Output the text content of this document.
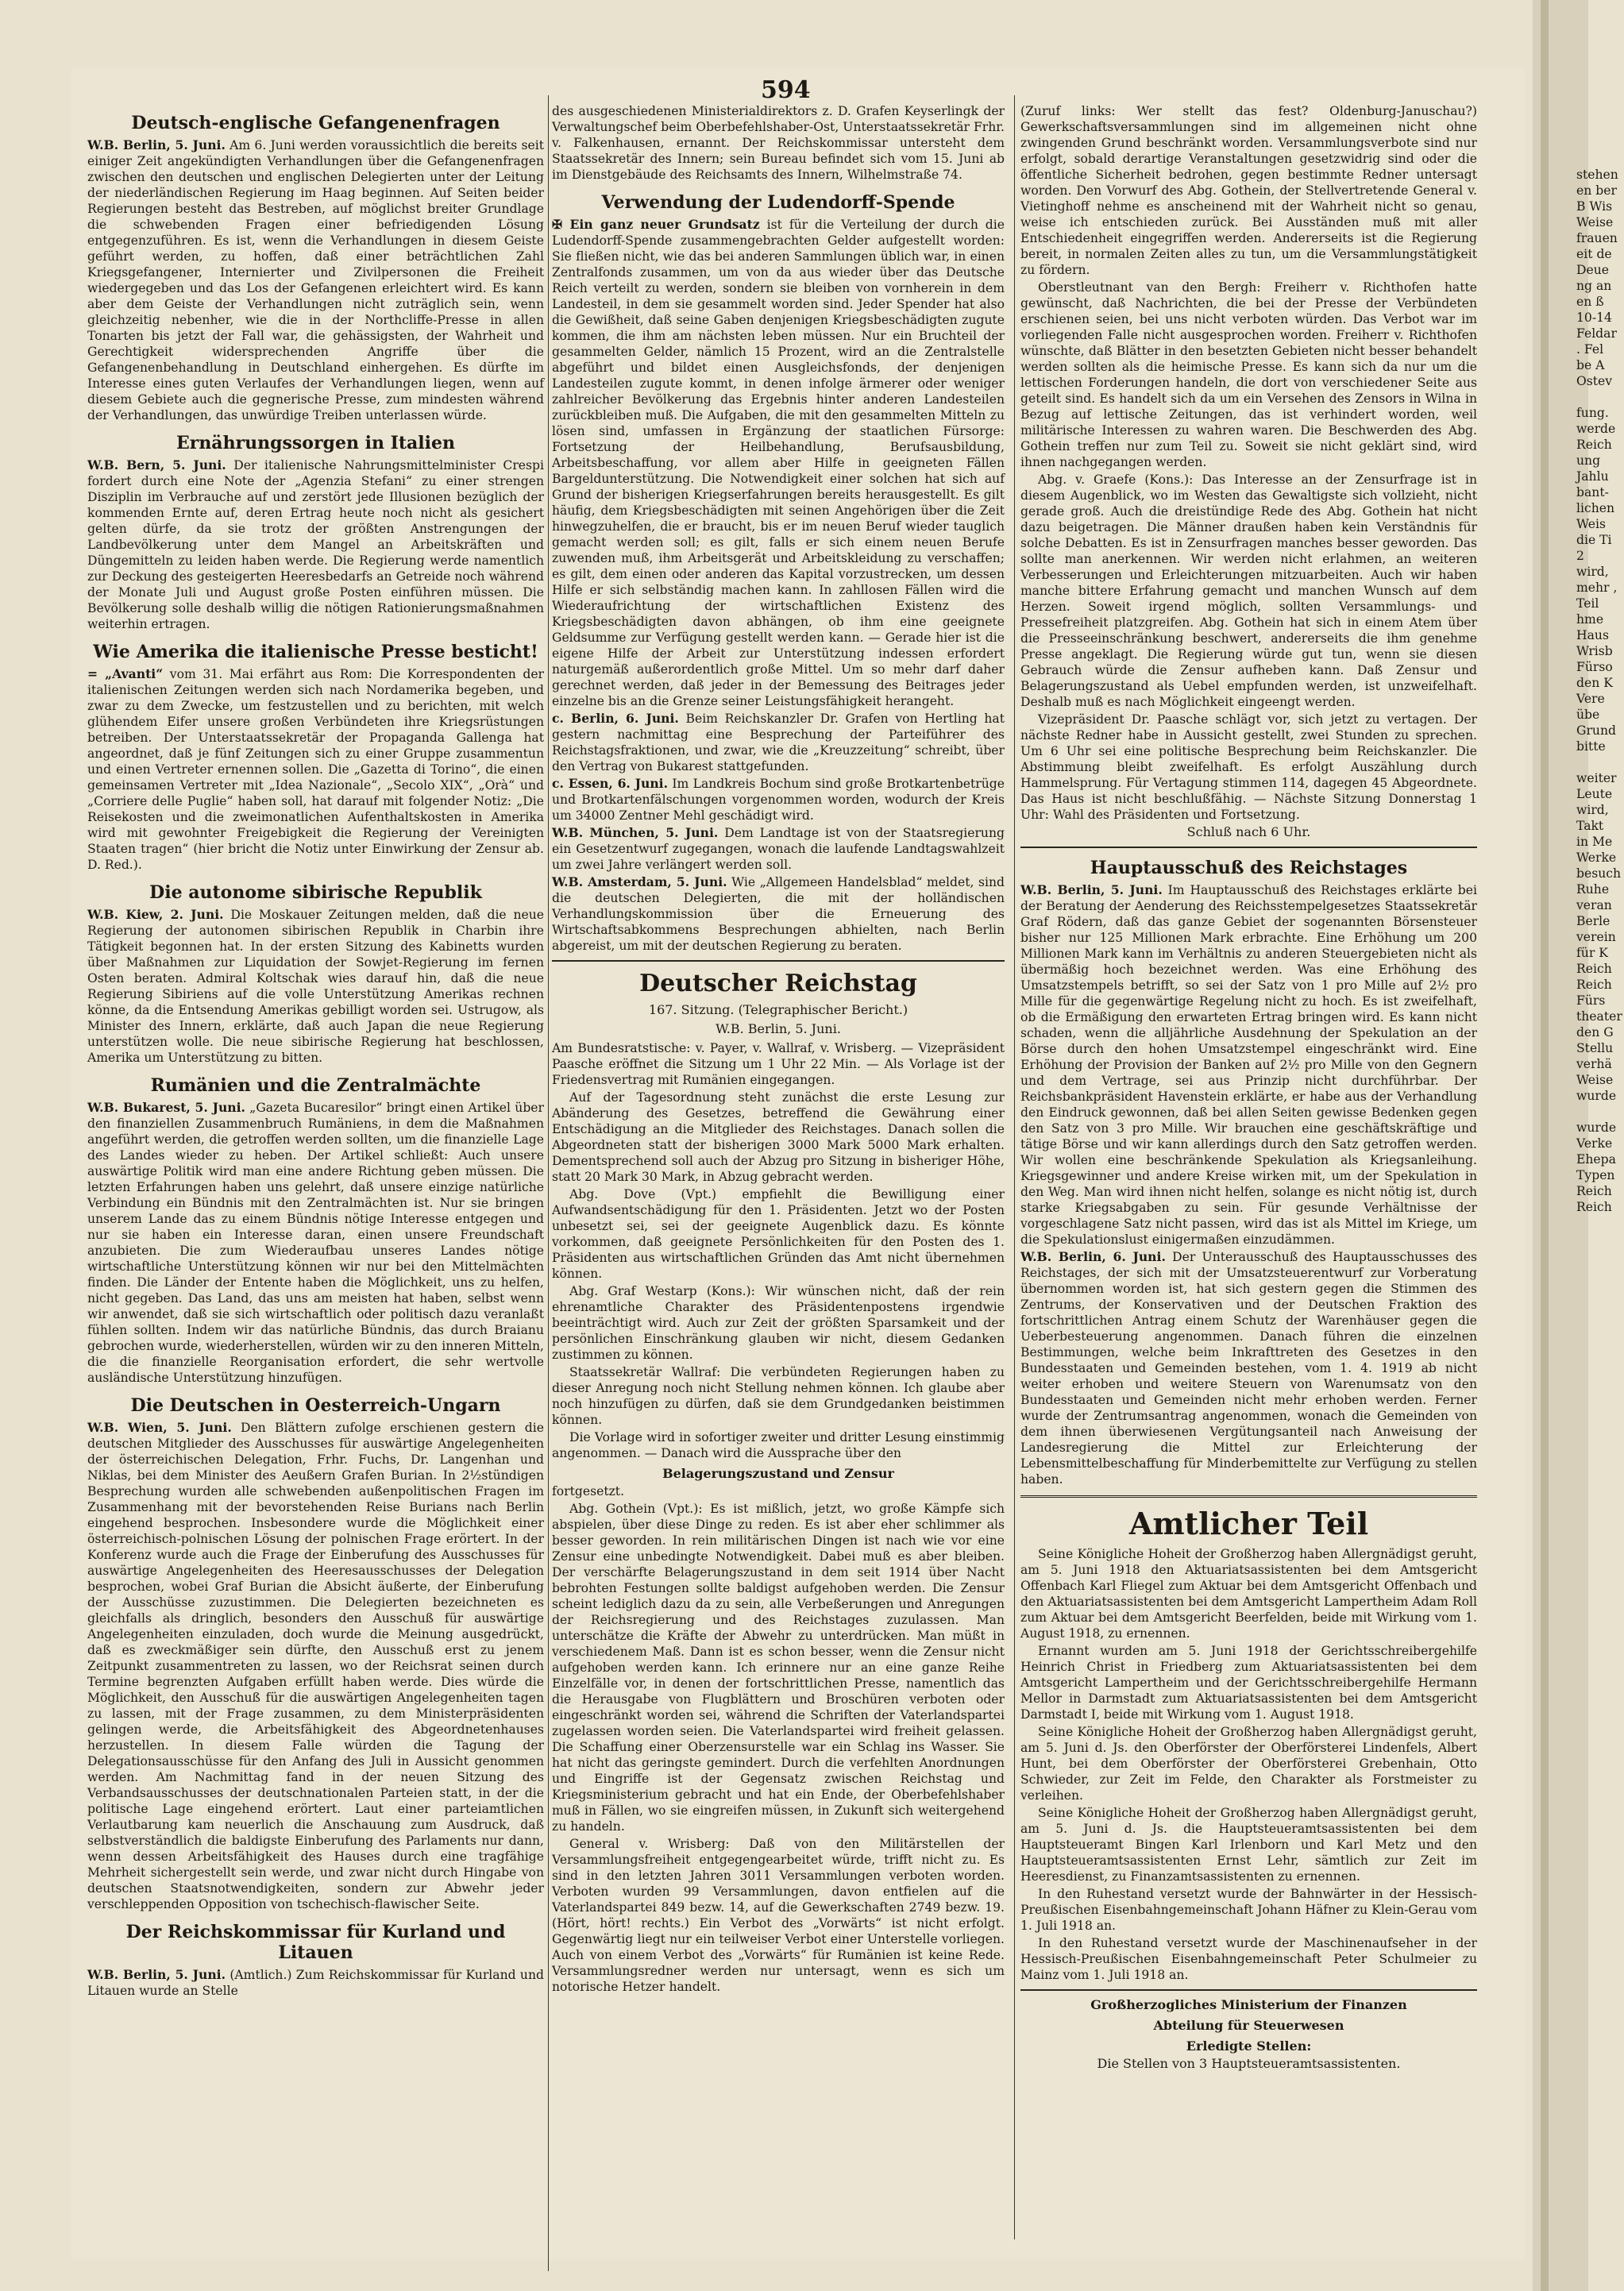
594
Deutsch-englische Gefangenenfragen

W.B. Berlin, 5. Juni. Am 6. Juni werden voraussichtlich die bereits seit einiger Zeit angekündigten Verhandlungen über die Gefangenenfragen zwischen den deutschen und englischen Delegierten unter der Leitung der niederländischen Regierung im Haag beginnen. Auf Seiten beider Regierungen besteht das Bestreben, auf möglichst breiter Grundlage die schwebenden Fragen einer befriedigenden Lösung entgegenzuführen. Es ist, wenn die Verhandlungen in diesem Geiste geführt werden, zu hoffen, daß einer beträchtlichen Zahl Kriegsgefangener, Internierter und Zivilpersonen die Freiheit wiedergegeben und das Los der Gefangenen erleichtert wird. Es kann aber dem Geiste der Verhandlungen nicht zuträglich sein, wenn gleichzeitig nebenher, wie die in der Northcliffe-Presse in allen Tonarten bis jetzt der Fall war, die gehässigsten, der Wahrheit und Gerechtigkeit widersprechenden Angriffe über die Gefangenenbehandlung in Deutschland einhergehen. Es dürfte im Interesse eines guten Verlaufes der Verhandlungen liegen, wenn auf diesem Gebiete auch die gegnerische Presse, zum mindesten während der Verhandlungen, das unwürdige Treiben unterlassen würde.

Ernährungssorgen in Italien

W.B. Bern, 5. Juni. Der italienische Nahrungsmittelminister Crespi fordert durch eine Note der „Agenzia Stefani“ zu einer strengen Disziplin im Verbrauche auf und zerstört jede Illusionen bezüglich der kommenden Ernte auf, deren Ertrag heute noch nicht als gesichert gelten dürfe, da sie trotz der größten Anstrengungen der Landbevölkerung unter dem Mangel an Arbeitskräften und Düngemitteln zu leiden haben werde. Die Regierung werde namentlich zur Deckung des gesteigerten Heeresbedarfs an Getreide noch während der Monate Juli und August große Posten einführen müssen. Die Bevölkerung solle deshalb willig die nötigen Rationierungsmaßnahmen weiterhin ertragen.

Wie Amerika die italienische Presse besticht!

= „Avanti“ vom 31. Mai erfährt aus Rom: Die Korrespondenten der italienischen Zeitungen werden sich nach Nordamerika begeben, und zwar zu dem Zwecke, um festzustellen und zu berichten, mit welch glühendem Eifer unsere großen Verbündeten ihre Kriegsrüstungen betreiben. Der Unterstaatssekretär der Propaganda Gallenga hat angeordnet, daß je fünf Zeitungen sich zu einer Gruppe zusammentun und einen Vertreter ernennen sollen. Die „Gazetta di Torino“, die einen gemeinsamen Vertreter mit „Idea Nazionale“, „Secolo XIX“, „Orà“ und „Corriere delle Puglie“ haben soll, hat darauf mit folgender Notiz: „Die Reisekosten und die zweimonatlichen Aufenthaltskosten in Amerika wird mit gewohnter Freigebigkeit die Regierung der Vereinigten Staaten tragen“ (hier bricht die Notiz unter Einwirkung der Zensur ab. D. Red.).

Die autonome sibirische Republik

W.B. Kiew, 2. Juni. Die Moskauer Zeitungen melden, daß die neue Regierung der autonomen sibirischen Republik in Charbin ihre Tätigkeit begonnen hat. In der ersten Sitzung des Kabinetts wurden über Maßnahmen zur Liquidation der Sowjet-Regierung im fernen Osten beraten. Admiral Koltschak wies darauf hin, daß die neue Regierung Sibiriens auf die volle Unterstützung Amerikas rechnen könne, da die Entsendung Amerikas gebilligt worden sei. Ustrugow, als Minister des Innern, erklärte, daß auch Japan die neue Regierung unterstützen wolle. Die neue sibirische Regierung hat beschlossen, Amerika um Unterstützung zu bitten.

Rumänien und die Zentralmächte

W.B. Bukarest, 5. Juni. „Gazeta Bucaresilor“ bringt einen Artikel über den finanziellen Zusammenbruch Rumäniens, in dem die Maßnahmen angeführt werden, die getroffen werden sollten, um die finanzielle Lage des Landes wieder zu heben. Der Artikel schließt: Auch unsere auswärtige Politik wird man eine andere Richtung geben müssen. Die letzten Erfahrungen haben uns gelehrt, daß unsere einzige natürliche Verbindung ein Bündnis mit den Zentralmächten ist. Nur sie bringen unserem Lande das zu einem Bündnis nötige Interesse entgegen und nur sie haben ein Interesse daran, einen unsere Freundschaft anzubieten. Die zum Wiederaufbau unseres Landes nötige wirtschaftliche Unterstützung können wir nur bei den Mittelmächten finden. Die Länder der Entente haben die Möglichkeit, uns zu helfen, nicht gegeben. Das Land, das uns am meisten hat haben, selbst wenn wir anwendet, daß sie sich wirtschaftlich oder politisch dazu veranlaßt fühlen sollten. Indem wir das natürliche Bündnis, das durch Braianu gebrochen wurde, wiederherstellen, würden wir zu den inneren Mitteln, die die finanzielle Reorganisation erfordert, die sehr wertvolle ausländische Unterstützung hinzufügen.

Die Deutschen in Oesterreich-Ungarn

W.B. Wien, 5. Juni. Den Blättern zufolge erschienen gestern die deutschen Mitglieder des Ausschusses für auswärtige Angelegenheiten der österreichischen Delegation, Frhr. Fuchs, Dr. Langenhan und Niklas, bei dem Minister des Aeußern Grafen Burian. In 2½stündigen Besprechung wurden alle schwebenden außenpolitischen Fragen im Zusammenhang mit der bevorstehenden Reise Burians nach Berlin eingehend besprochen. Insbesondere wurde die Möglichkeit einer österreichisch-polnischen Lösung der polnischen Frage erörtert. In der Konferenz wurde auch die Frage der Einberufung des Ausschusses für auswärtige Angelegenheiten des Heeresausschusses der Delegation besprochen, wobei Graf Burian die Absicht äußerte, der Einberufung der Ausschüsse zuzustimmen. Die Delegierten bezeichneten es gleichfalls als dringlich, besonders den Ausschuß für auswärtige Angelegenheiten einzuladen, doch wurde die Meinung ausgedrückt, daß es zweckmäßiger sein dürfte, den Ausschuß erst zu jenem Zeitpunkt zusammentreten zu lassen, wo der Reichsrat seinen durch Termine begrenzten Aufgaben erfüllt haben werde. Dies würde die Möglichkeit, den Ausschuß für die auswärtigen Angelegenheiten tagen zu lassen, mit der Frage zusammen, zu dem Ministerpräsidenten gelingen werde, die Arbeitsfähigkeit des Abgeordnetenhauses herzustellen. In diesem Falle würden die Tagung der Delegationsausschüsse für den Anfang des Juli in Aussicht genommen werden. Am Nachmittag fand in der neuen Sitzung des Verbandsausschusses der deutschnationalen Parteien statt, in der die politische Lage eingehend erörtert. Laut einer parteiamtlichen Verlautbarung kam neuerlich die Anschauung zum Ausdruck, daß selbstverständlich die baldigste Einberufung des Parlaments nur dann, wenn dessen Arbeitsfähigkeit des Hauses durch eine tragfähige Mehrheit sichergestellt sein werde, und zwar nicht durch Hingabe von deutschen Staatsnotwendigkeiten, sondern zur Abwehr jeder verschleppenden Opposition von tschechisch-flawischer Seite.

Der Reichskommissar für Kurland und Litauen

W.B. Berlin, 5. Juni. (Amtlich.) Zum Reichskommissar für Kurland und Litauen wurde an Stelle

des ausgeschiedenen Ministerialdirektors z. D. Grafen Keyserlingk der Verwaltungschef beim Oberbefehlshaber-Ost, Unterstaatssekretär Frhr. v. Falkenhausen, ernannt. Der Reichskommissar untersteht dem Staatssekretär des Innern; sein Bureau befindet sich vom 15. Juni ab im Dienstgebäude des Reichsamts des Innern, Wilhelmstraße 74.

Verwendung der Ludendorff-Spende

✠ Ein ganz neuer Grundsatz ist für die Verteilung der durch die Ludendorff-Spende zusammengebrachten Gelder aufgestellt worden: Sie fließen nicht, wie das bei anderen Sammlungen üblich war, in einen Zentralfonds zusammen, um von da aus wieder über das Deutsche Reich verteilt zu werden, sondern sie bleiben von vornherein in dem Landesteil, in dem sie gesammelt worden sind. Jeder Spender hat also die Gewißheit, daß seine Gaben denjenigen Kriegsbeschädigten zugute kommen, die ihm am nächsten leben müssen. Nur ein Bruchteil der gesammelten Gelder, nämlich 15 Prozent, wird an die Zentralstelle abgeführt und bildet einen Ausgleichsfonds, der denjenigen Landesteilen zugute kommt, in denen infolge ärmerer oder weniger zahlreicher Bevölkerung das Ergebnis hinter anderen Landesteilen zurückbleiben muß. Die Aufgaben, die mit den gesammelten Mitteln zu lösen sind, umfassen in Ergänzung der staatlichen Fürsorge: Fortsetzung der Heilbehandlung, Berufsausbildung, Arbeitsbeschaffung, vor allem aber Hilfe in geeigneten Fällen Bargeldunterstützung. Die Notwendigkeit einer solchen hat sich auf Grund der bisherigen Kriegserfahrungen bereits herausgestellt. Es gilt häufig, dem Kriegsbeschädigten mit seinen Angehörigen über die Zeit hinwegzuhelfen, die er braucht, bis er im neuen Beruf wieder tauglich gemacht werden soll; es gilt, falls er sich einem neuen Berufe zuwenden muß, ihm Arbeitsgerät und Arbeitskleidung zu verschaffen; es gilt, dem einen oder anderen das Kapital vorzustrecken, um dessen Hilfe er sich selbständig machen kann. In zahllosen Fällen wird die Wiederaufrichtung der wirtschaftlichen Existenz des Kriegsbeschädigten davon abhängen, ob ihm eine geeignete Geldsumme zur Verfügung gestellt werden kann. — Gerade hier ist die eigene Hilfe der Arbeit zur Unterstützung indessen erfordert naturgemäß außerordentlich große Mittel. Um so mehr darf daher gerechnet werden, daß jeder in der Bemessung des Beitrages jeder einzelne bis an die Grenze seiner Leistungsfähigkeit herangeht.

c. Berlin, 6. Juni. Beim Reichskanzler Dr. Grafen von Hertling hat gestern nachmittag eine Besprechung der Parteiführer des Reichstagsfraktionen, und zwar, wie die „Kreuzzeitung“ schreibt, über den Vertrag von Bukarest stattgefunden.

c. Essen, 6. Juni. Im Landkreis Bochum sind große Brotkartenbetrüge und Brotkartenfälschungen vorgenommen worden, wodurch der Kreis um 34000 Zentner Mehl geschädigt wird.

W.B. München, 5. Juni. Dem Landtage ist von der Staatsregierung ein Gesetzentwurf zugegangen, wonach die laufende Landtagswahlzeit um zwei Jahre verlängert werden soll.

W.B. Amsterdam, 5. Juni. Wie „Allgemeen Handelsblad“ meldet, sind die deutschen Delegierten, die mit der holländischen Verhandlungskommission über die Erneuerung des Wirtschaftsabkommens Besprechungen abhielten, nach Berlin abgereist, um mit der deutschen Regierung zu beraten.

Deutscher Reichstag
167. Sitzung. (Telegraphischer Bericht.)
W.B. Berlin, 5. Juni.

Am Bundesratstische: v. Payer, v. Wallraf, v. Wrisberg. — Vizepräsident Paasche eröffnet die Sitzung um 1 Uhr 22 Min. — Als Vorlage ist der Friedensvertrag mit Rumänien eingegangen.

Auf der Tagesordnung steht zunächst die erste Lesung zur Abänderung des Gesetzes, betreffend die Gewährung einer Entschädigung an die Mitglieder des Reichstages. Danach sollen die Abgeordneten statt der bisherigen 3000 Mark 5000 Mark erhalten. Dementsprechend soll auch der Abzug pro Sitzung in bisheriger Höhe, statt 20 Mark 30 Mark, in Abzug gebracht werden.

Abg. Dove (Vpt.) empfiehlt die Bewilligung einer Aufwandsentschädigung für den 1. Präsidenten. Jetzt wo der Posten unbesetzt sei, sei der geeignete Augenblick dazu. Es könnte vorkommen, daß geeignete Persönlichkeiten für den Posten des 1. Präsidenten aus wirtschaftlichen Gründen das Amt nicht übernehmen können.

Abg. Graf Westarp (Kons.): Wir wünschen nicht, daß der rein ehrenamtliche Charakter des Präsidentenpostens irgendwie beeinträchtigt wird. Auch zur Zeit der größten Sparsamkeit und der persönlichen Einschränkung glauben wir nicht, diesem Gedanken zustimmen zu können.

Staatssekretär Wallraf: Die verbündeten Regierungen haben zu dieser Anregung noch nicht Stellung nehmen können. Ich glaube aber noch hinzufügen zu dürfen, daß sie dem Grundgedanken beistimmen können.

Die Vorlage wird in sofortiger zweiter und dritter Lesung einstimmig angenommen. — Danach wird die Aussprache über den

Belagerungszustand und Zensur

fortgesetzt.

Abg. Gothein (Vpt.): Es ist mißlich, jetzt, wo große Kämpfe sich abspielen, über diese Dinge zu reden. Es ist aber eher schlimmer als besser geworden. In rein militärischen Dingen ist nach wie vor eine Zensur eine unbedingte Notwendigkeit. Dabei muß es aber bleiben. Der verschärfte Belagerungszustand in dem seit 1914 über Nacht bebrohten Festungen sollte baldigst aufgehoben werden. Die Zensur scheint lediglich dazu da zu sein, alle Verbeßerungen und Anregungen der Reichsregierung und des Reichstages zuzulassen. Man unterschätze die Kräfte der Abwehr zu unterdrücken. Man müßt in verschiedenem Maß. Dann ist es schon besser, wenn die Zensur nicht aufgehoben werden kann. Ich erinnere nur an eine ganze Reihe Einzelfälle vor, in denen der fortschrittlichen Presse, namentlich das die Herausgabe von Flugblättern und Broschüren verboten oder eingeschränkt worden sei, während die Schriften der Vaterlandspartei zugelassen worden seien. Die Vaterlandspartei wird freiheit gelassen. Die Schaffung einer Oberzensurstelle war ein Schlag ins Wasser. Sie hat nicht das geringste gemindert. Durch die verfehlten Anordnungen und Eingriffe ist der Gegensatz zwischen Reichstag und Kriegsministerium gebracht und hat ein Ende, der Oberbefehlshaber muß in Fällen, wo sie eingreifen müssen, in Zukunft sich weitergehend zu handeln.

General v. Wrisberg: Daß von den Militärstellen der Versammlungsfreiheit entgegengearbeitet würde, trifft nicht zu. Es sind in den letzten Jahren 3011 Versammlungen verboten worden. Verboten wurden 99 Versammlungen, davon entfielen auf die Vaterlandspartei 849 bezw. 14, auf die Gewerkschaften 2749 bezw. 19. (Hört, hört! rechts.) Ein Verbot des „Vorwärts“ ist nicht erfolgt. Gegenwärtig liegt nur ein teilweiser Verbot einer Unterstelle vorliegen. Auch von einem Verbot des „Vorwärts“ für Rumänien ist keine Rede. Versammlungsredner werden nur untersagt, wenn es sich um notorische Hetzer handelt.

(Zuruf links: Wer stellt das fest? Oldenburg-Januschau?) Gewerkschaftsversammlungen sind im allgemeinen nicht ohne zwingenden Grund beschränkt worden. Versammlungsverbote sind nur erfolgt, sobald derartige Veranstaltungen gesetzwidrig sind oder die öffentliche Sicherheit bedrohen, gegen bestimmte Redner untersagt worden. Den Vorwurf des Abg. Gothein, der Stellvertretende General v. Vietinghoff nehme es anscheinend mit der Wahrheit nicht so genau, weise ich entschieden zurück. Bei Ausständen muß mit aller Entschiedenheit eingegriffen werden. Andererseits ist die Regierung bereit, in normalen Zeiten alles zu tun, um die Versammlungstätigkeit zu fördern.

Oberstleutnant van den Bergh: Freiherr v. Richthofen hatte gewünscht, daß Nachrichten, die bei der Presse der Verbündeten erschienen seien, bei uns nicht verboten würden. Das Verbot war im vorliegenden Falle nicht ausgesprochen worden. Freiherr v. Richthofen wünschte, daß Blätter in den besetzten Gebieten nicht besser behandelt werden sollten als die heimische Presse. Es kann sich da nur um die lettischen Forderungen handeln, die dort von verschiedener Seite aus geteilt sind. Es handelt sich da um ein Versehen des Zensors in Wilna in Bezug auf lettische Zeitungen, das ist verhindert worden, weil militärische Interessen zu wahren waren. Die Beschwerden des Abg. Gothein treffen nur zum Teil zu. Soweit sie nicht geklärt sind, wird ihnen nachgegangen werden.

Abg. v. Graefe (Kons.): Das Interesse an der Zensurfrage ist in diesem Augenblick, wo im Westen das Gewaltigste sich vollzieht, nicht gerade groß. Auch die dreistündige Rede des Abg. Gothein hat nicht dazu beigetragen. Die Männer draußen haben kein Verständnis für solche Debatten. Es ist in Zensurfragen manches besser geworden. Das sollte man anerkennen. Wir werden nicht erlahmen, an weiteren Verbesserungen und Erleichterungen mitzuarbeiten. Auch wir haben manche bittere Erfahrung gemacht und manchen Wunsch auf dem Herzen. Soweit irgend möglich, sollten Versammlungs- und Pressefreiheit platzgreifen. Abg. Gothein hat sich in einem Atem über die Presseeinschränkung beschwert, andererseits die ihm genehme Presse angeklagt. Die Regierung würde gut tun, wenn sie diesen Gebrauch würde die Zensur aufheben kann. Daß Zensur und Belagerungszustand als Uebel empfunden werden, ist unzweifelhaft. Deshalb muß es nach Möglichkeit eingeengt werden.

Vizepräsident Dr. Paasche schlägt vor, sich jetzt zu vertagen. Der nächste Redner habe in Aussicht gestellt, zwei Stunden zu sprechen. Um 6 Uhr sei eine politische Besprechung beim Reichskanzler. Die Abstimmung bleibt zweifelhaft. Es erfolgt Auszählung durch Hammelsprung. Für Vertagung stimmen 114, dagegen 45 Abgeordnete. Das Haus ist nicht beschlußfähig. — Nächste Sitzung Donnerstag 1 Uhr: Wahl des Präsidenten und Fortsetzung.

Schluß nach 6 Uhr.
Hauptausschuß des Reichstages

W.B. Berlin, 5. Juni. Im Hauptausschuß des Reichstages erklärte bei der Beratung der Aenderung des Reichsstempelgesetzes Staatssekretär Graf Rödern, daß das ganze Gebiet der sogenannten Börsensteuer bisher nur 125 Millionen Mark erbrachte. Eine Erhöhung um 200 Millionen Mark kann im Verhältnis zu anderen Steuergebieten nicht als übermäßig hoch bezeichnet werden. Was eine Erhöhung des Umsatzstempels betrifft, so sei der Satz von 1 pro Mille auf 2½ pro Mille für die gegenwärtige Regelung nicht zu hoch. Es ist zweifelhaft, ob die Ermäßigung den erwarteten Ertrag bringen wird. Es kann nicht schaden, wenn die alljährliche Ausdehnung der Spekulation an der Börse durch den hohen Umsatzstempel eingeschränkt wird. Eine Erhöhung der Provision der Banken auf 2½ pro Mille von den Gegnern und dem Vertrage, sei aus Prinzip nicht durchführbar. Der Reichsbankpräsident Havenstein erklärte, er habe aus der Verhandlung den Eindruck gewonnen, daß bei allen Seiten gewisse Bedenken gegen den Satz von 3 pro Mille. Wir brauchen eine geschäftskräftige und tätige Börse und wir kann allerdings durch den Satz getroffen werden. Wir wollen eine beschränkende Spekulation als Kriegsanleihung. Kriegsgewinner und andere Kreise wirken mit, um der Spekulation in den Weg. Man wird ihnen nicht helfen, solange es nicht nötig ist, durch starke Kriegsabgaben zu sein. Für gesunde Verhältnisse der vorgeschlagene Satz nicht passen, wird das ist als Mittel im Kriege, um die Spekulationslust einigermaßen einzudämmen.

W.B. Berlin, 6. Juni. Der Unterausschuß des Hauptausschusses des Reichstages, der sich mit der Umsatzsteuerentwurf zur Vorberatung übernommen worden ist, hat sich gestern gegen die Stimmen des Zentrums, der Konservativen und der Deutschen Fraktion des fortschrittlichen Antrag einem Schutz der Warenhäuser gegen die Ueberbesteuerung angenommen. Danach führen die einzelnen Bestimmungen, welche beim Inkrafttreten des Gesetzes in den Bundesstaaten und Gemeinden bestehen, vom 1. 4. 1919 ab nicht weiter erhoben und weitere Steuern von Warenumsatz von den Bundesstaaten und Gemeinden nicht mehr erhoben werden. Ferner wurde der Zentrumsantrag angenommen, wonach die Gemeinden von dem ihnen überwiesenen Vergütungsanteil nach Anweisung der Landesregierung die Mittel zur Erleichterung der Lebensmittelbeschaffung für Minderbemittelte zur Verfügung zu stellen haben.

Amtlicher Teil

Seine Königliche Hoheit der Großherzog haben Allergnädigst geruht, am 5. Juni 1918 den Aktuariatsassistenten bei dem Amtsgericht Offenbach Karl Fliegel zum Aktuar bei dem Amtsgericht Offenbach und den Aktuariatsassistenten bei dem Amtsgericht Lampertheim Adam Roll zum Aktuar bei dem Amtsgericht Beerfelden, beide mit Wirkung vom 1. August 1918, zu ernennen.

Ernannt wurden am 5. Juni 1918 der Gerichtsschreibergehilfe Heinrich Christ in Friedberg zum Aktuariatsassistenten bei dem Amtsgericht Lampertheim und der Gerichtsschreibergehilfe Hermann Mellor in Darmstadt zum Aktuariatsassistenten bei dem Amtsgericht Darmstadt I, beide mit Wirkung vom 1. August 1918.

Seine Königliche Hoheit der Großherzog haben Allergnädigst geruht, am 5. Juni d. Js. den Oberförster der Oberförsterei Lindenfels, Albert Hunt, bei dem Oberförster der Oberförsterei Grebenhain, Otto Schwieder, zur Zeit im Felde, den Charakter als Forstmeister zu verleihen.

Seine Königliche Hoheit der Großherzog haben Allergnädigst geruht, am 5. Juni d. Js. die Hauptsteueramtsassistenten bei dem Hauptsteueramt Bingen Karl Irlenborn und Karl Metz und den Hauptsteueramtsassistenten Ernst Lehr, sämtlich zur Zeit im Heeresdienst, zu Finanzamtsassistenten zu ernennen.

In den Ruhestand versetzt wurde der Bahnwärter in der Hessisch-Preußischen Eisenbahngemeinschaft Johann Häfner zu Klein-Gerau vom 1. Juli 1918 an.

In den Ruhestand versetzt wurde der Maschinenaufseher in der Hessisch-Preußischen Eisenbahngemeinschaft Peter Schulmeier zu Mainz vom 1. Juli 1918 an.

Großherzogliches Ministerium der Finanzen
Abteilung für Steuerwesen
Erledigte Stellen:
Die Stellen von 3 Hauptsteueramtsassistenten.
stehen
en ber
B Wis
Weise
frauen
eit de
Deue
ng an
en ß
10-14
Feldar
. Fel
be A
Ostev

fung.
werde
Reich
ung
Jahlu
bant-
lichen
Weis
die Ti
2
wird,
mehr ,
Teil
hme
Haus
Wrisb
Fürso
den K
Vere
übe
Grund
bitte

weiter
Leute
wird,
Takt
in Me
Werke
besuch
Ruhe
veran
Berle
verein
für K
Reich
Reich
Fürs
theater
den G
Stellu
verhä
Weise
wurde

wurde
Verke
Ehepa
Typen
Reich
Reich
